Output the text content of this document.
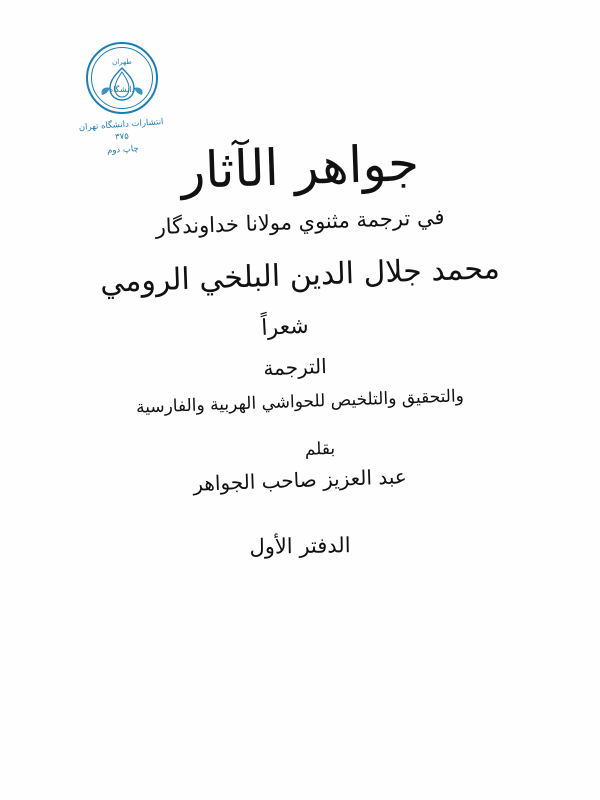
طهران
دانشگاه
انتشارات دانشگاه تهران
۳۷۵
چاپ دوم جواهر الآثار
في ترجمة مثنوي مولانا خداوندگار
محمد جلال الدين البلخي الرومي
شعراً
الترجمة
والتحقيق والتلخيص للحواشي الهربية والفارسية
بقلم
عبد العزيز صاحب الجواهر
الدفتر الأول
